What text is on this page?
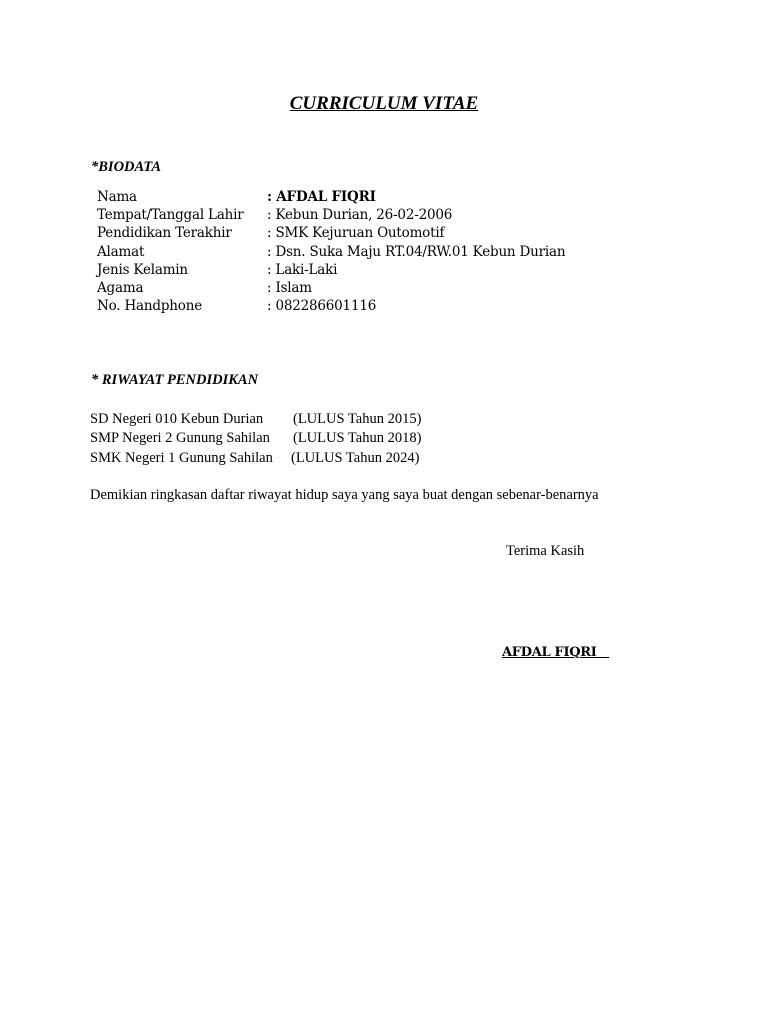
CURRICULUM VITAE

*BIODATA

Nama	: AFDAL FIQRI
Tempat/Tanggal Lahir	: Kebun Durian, 26-02-2006
Pendidikan Terakhir	: SMK Kejuruan Outomotif
Alamat	: Dsn. Suka Maju RT.04/RW.01 Kebun Durian
Jenis Kelamin	: Laki-Laki
Agama	: Islam
No. Handphone	: 082286601116

* RIWAYAT PENDIDIKAN

SD Negeri 010 Kebun Durian	(LULUS Tahun 2015)
SMP Negeri 2 Gunung Sahilan	(LULUS Tahun 2018)
SMK Negeri 1 Gunung Sahilan	(LULUS Tahun 2024)

Demikian ringkasan daftar riwayat hidup saya yang saya buat dengan sebenar-benarnya

Terima Kasih

AFDAL FIQRI
